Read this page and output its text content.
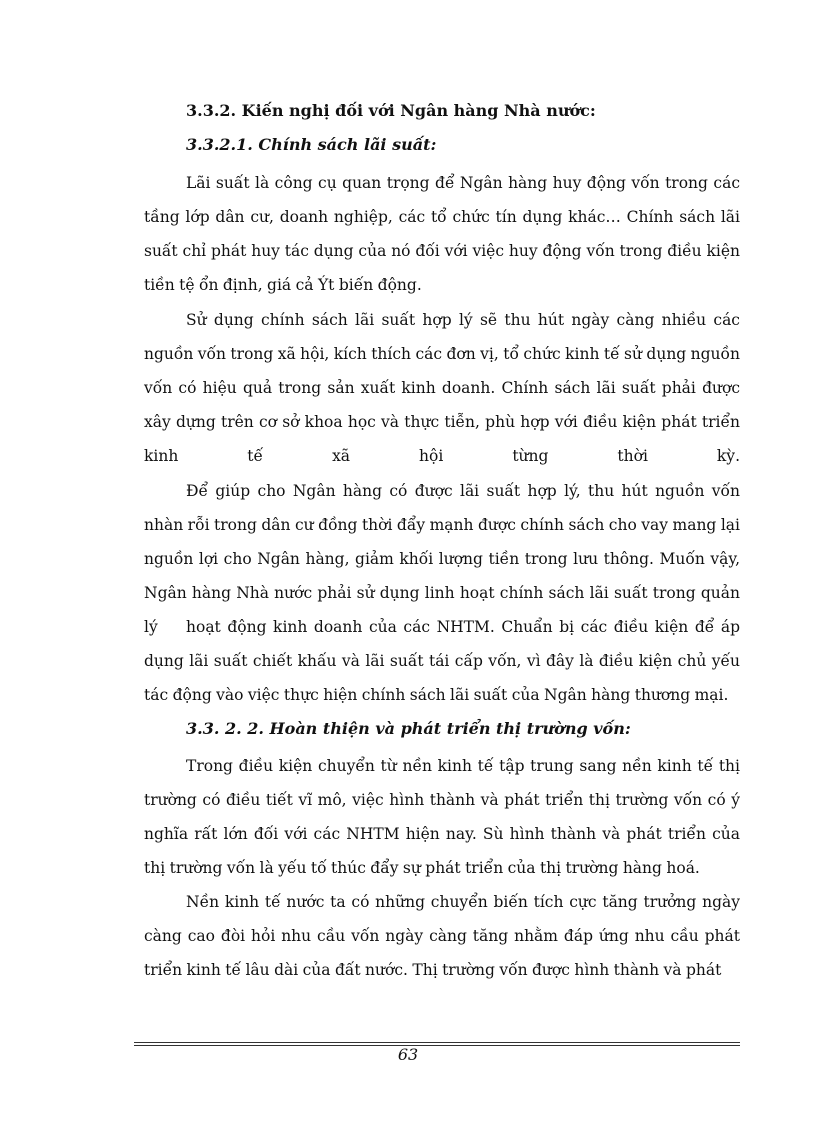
3.3.2. Kiến nghị đối với Ngân hàng Nhà nước:
3.3.2.1. Chính sách lãi suất:

Lãi suất là công cụ quan trọng để Ngân hàng huy động vốn trong các tầng lớp dân cư, doanh nghiệp, các tổ chức tín dụng khác… Chính sách lãi suất chỉ phát huy tác dụng của nó đối với việc huy động vốn trong điều kiện tiền tệ ổn định, giá cả Ýt biến động.

Sử dụng chính sách lãi suất hợp lý sẽ thu hút ngày càng nhiều các nguồn vốn trong xã hội, kích thích các đơn vị, tổ chức kinh tế sử dụng nguồn vốn có hiệu quả trong sản xuất kinh doanh. Chính sách lãi suất phải được xây dựng trên cơ sở khoa học và thực tiễn, phù hợp với điều kiện phát triển kinh tế xã hội từng thời kỳ.

Để giúp cho Ngân hàng có được lãi suất hợp lý, thu hút nguồn vốn nhàn rỗi trong dân cư đồng thời đẩy mạnh được chính sách cho vay mang lại nguồn lợi cho Ngân hàng, giảm khối lượng tiền trong lưu thông. Muốn vậy, Ngân hàng Nhà nước phải sử dụng linh hoạt chính sách lãi suất trong quản lý	hoạt động kinh doanh của các NHTM. Chuẩn bị các điều kiện để áp dụng lãi suất chiết khấu và lãi suất tái cấp vốn, vì đây là điều kiện chủ yếu tác động vào việc thực hiện chính sách lãi suất của Ngân hàng thương mại.

3.3. 2. 2. Hoàn thiện và phát triển thị trường vốn:

Trong điều kiện chuyển từ nền kinh tế tập trung sang nền kinh tế thị trường có điều tiết vĩ mô, việc hình thành và phát triển thị trường vốn có ý nghĩa rất lớn đối với các NHTM hiện nay. Sù hình thành và phát triển của thị trường vốn là yếu tố thúc đẩy sự phát triển của thị trường hàng hoá.

Nền kinh tế nước ta có những chuyển biến tích cực tăng trưởng ngày càng cao đòi hỏi nhu cầu vốn ngày càng tăng nhằm đáp ứng nhu cầu phát triển kinh tế lâu dài của đất nước. Thị trường vốn được hình thành và phát

63
